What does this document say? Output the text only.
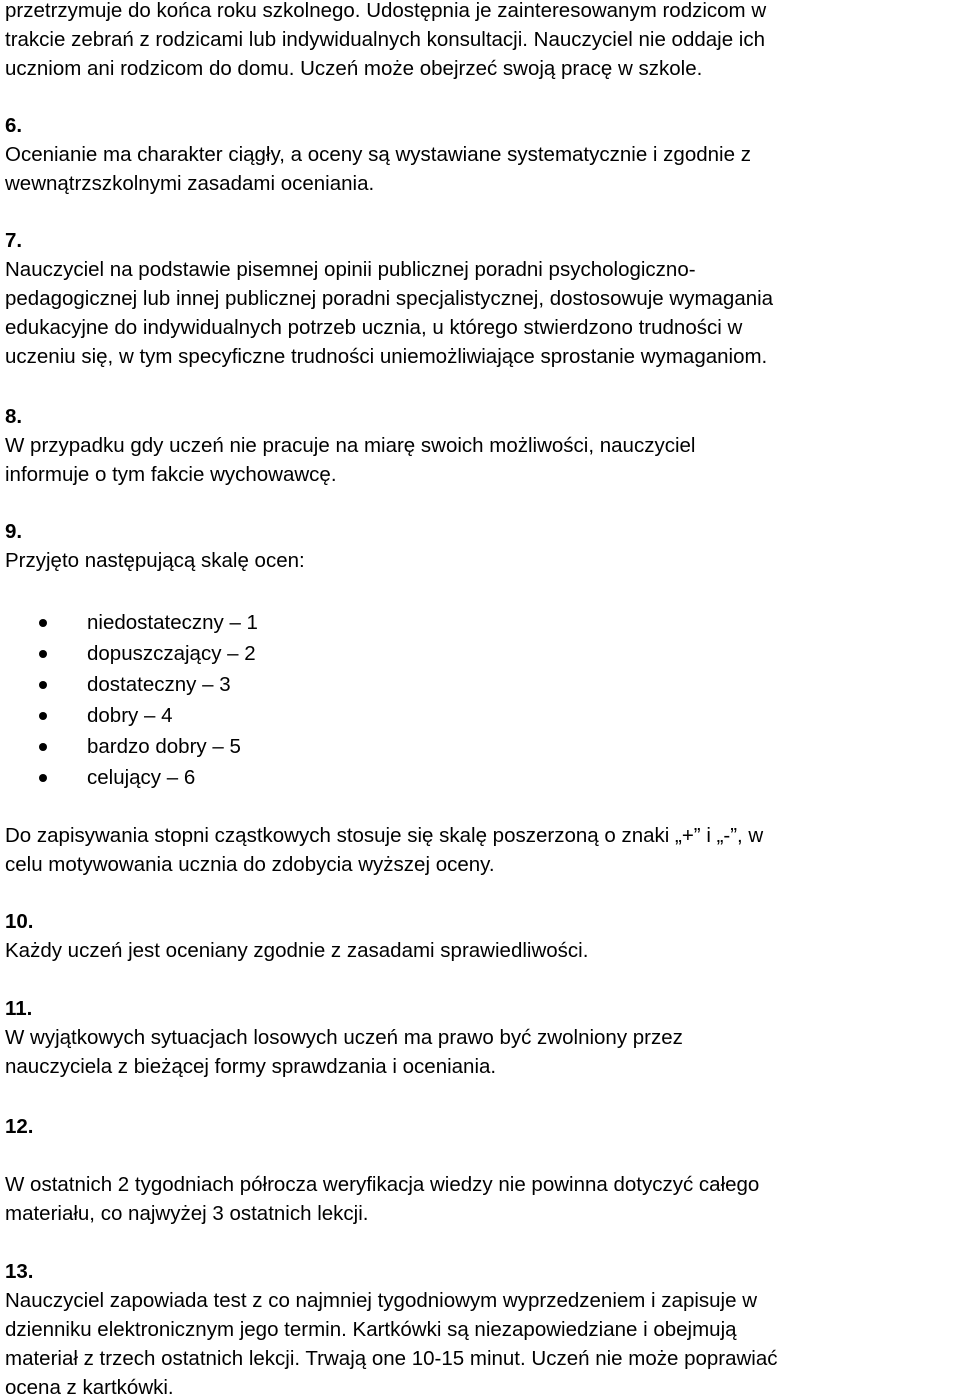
przetrzymuje do końca roku szkolnego. Udostępnia je zainteresowanym rodzicom w
trakcie zebrań z rodzicami lub indywidualnych konsultacji. Nauczyciel nie oddaje ich
uczniom ani rodzicom do domu. Uczeń może obejrzeć swoją pracę w szkole.
6.
Ocenianie ma charakter ciągły, a oceny są wystawiane systematycznie i zgodnie z
wewnątrzszkolnymi zasadami oceniania.
7.
Nauczyciel na podstawie pisemnej opinii publicznej poradni psychologiczno-
pedagogicznej lub innej publicznej poradni specjalistycznej, dostosowuje wymagania
edukacyjne do indywidualnych potrzeb ucznia, u którego stwierdzono trudności w
uczeniu się, w tym specyficzne trudności uniemożliwiające sprostanie wymaganiom.
8.
W przypadku gdy uczeń nie pracuje na miarę swoich możliwości, nauczyciel
informuje o tym fakcie wychowawcę.
9.
Przyjęto następującą skalę ocen:
niedostateczny – 1
dopuszczający – 2
dostateczny – 3
dobry – 4
bardzo dobry – 5
celujący – 6
Do zapisywania stopni cząstkowych stosuje się skalę poszerzoną o znaki „+” i „-”, w
celu motywowania ucznia do zdobycia wyższej oceny.
10.
Każdy uczeń jest oceniany zgodnie z zasadami sprawiedliwości.
11.
W wyjątkowych sytuacjach losowych uczeń ma prawo być zwolniony przez
nauczyciela z bieżącej formy sprawdzania i oceniania.
12.
W ostatnich 2 tygodniach półrocza weryfikacja wiedzy nie powinna dotyczyć całego
materiału, co najwyżej 3 ostatnich lekcji.
13.
Nauczyciel zapowiada test z co najmniej tygodniowym wyprzedzeniem i zapisuje w
dzienniku elektronicznym jego termin. Kartkówki są niezapowiedziane i obejmują
materiał z trzech ostatnich lekcji. Trwają one 10-15 minut. Uczeń nie może poprawiać
ocena z kartkówki.
